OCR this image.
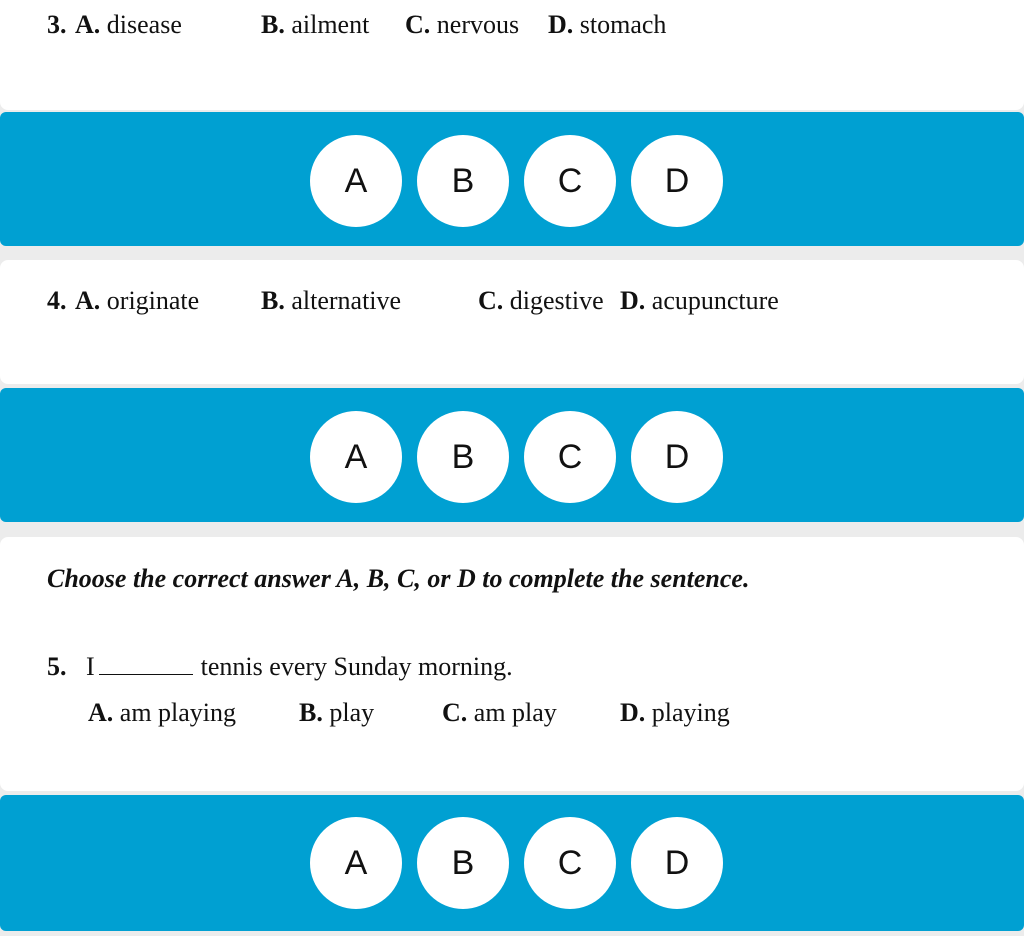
3. A. disease	B. ailment C. nervous D. stomach
A	B	C	D
4. A. originate B. alternative	C. digestive D. acupuncture
A	B	C	D
Choose the correct answer A, B, C, or D to complete the sentence.
5. I	tennis every Sunday morning.
A. am playing B. play	C. am play D. playing
A	B	C	D
